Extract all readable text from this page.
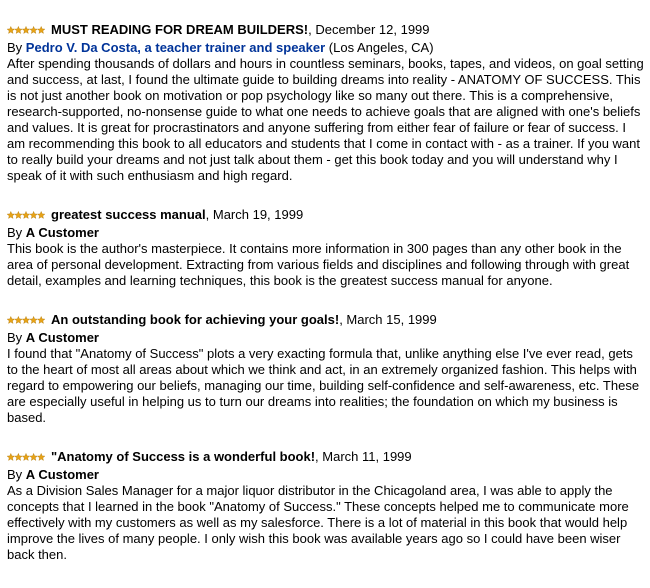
MUST READING FOR DREAM BUILDERS!, December 12, 1999
By Pedro V. Da Costa, a teacher trainer and speaker (Los Angeles, CA)

After spending thousands of dollars and hours in countless seminars, books, tapes, and videos, on goal setting and success, at last, I found the ultimate guide to building dreams into reality - ANATOMY OF SUCCESS. This is not just another book on motivation or pop psychology like so many out there. This is a comprehensive, research-supported, no-nonsense guide to what one needs to achieve goals that are aligned with one's beliefs and values. It is great for procrastinators and anyone suffering from either fear of failure or fear of success. I am recommending this book to all educators and students that I come in contact with - as a trainer. If you want to really build your dreams and not just talk about them - get this book today and you will understand why I speak of it with such enthusiasm and high regard.

greatest success manual, March 19, 1999
By A Customer

This book is the author's masterpiece. It contains more information in 300 pages than any other book in the area of personal development. Extracting from various fields and disciplines and following through with great detail, examples and learning techniques, this book is the greatest success manual for anyone.

An outstanding book for achieving your goals!, March 15, 1999
By A Customer

I found that "Anatomy of Success" plots a very exacting formula that, unlike anything else I've ever read, gets to the heart of most all areas about which we think and act, in an extremely organized fashion. This helps with regard to empowering our beliefs, managing our time, building self-confidence and self-awareness, etc. These are especially useful in helping us to turn our dreams into realities; the foundation on which my business is based.

"Anatomy of Success is a wonderful book!, March 11, 1999
By A Customer

As a Division Sales Manager for a major liquor distributor in the Chicagoland area, I was able to apply the concepts that I learned in the book "Anatomy of Success." These concepts helped me to communicate more effectively with my customers as well as my salesforce. There is a lot of material in this book that would help improve the lives of many people. I only wish this book was available years ago so I could have been wiser back then.
